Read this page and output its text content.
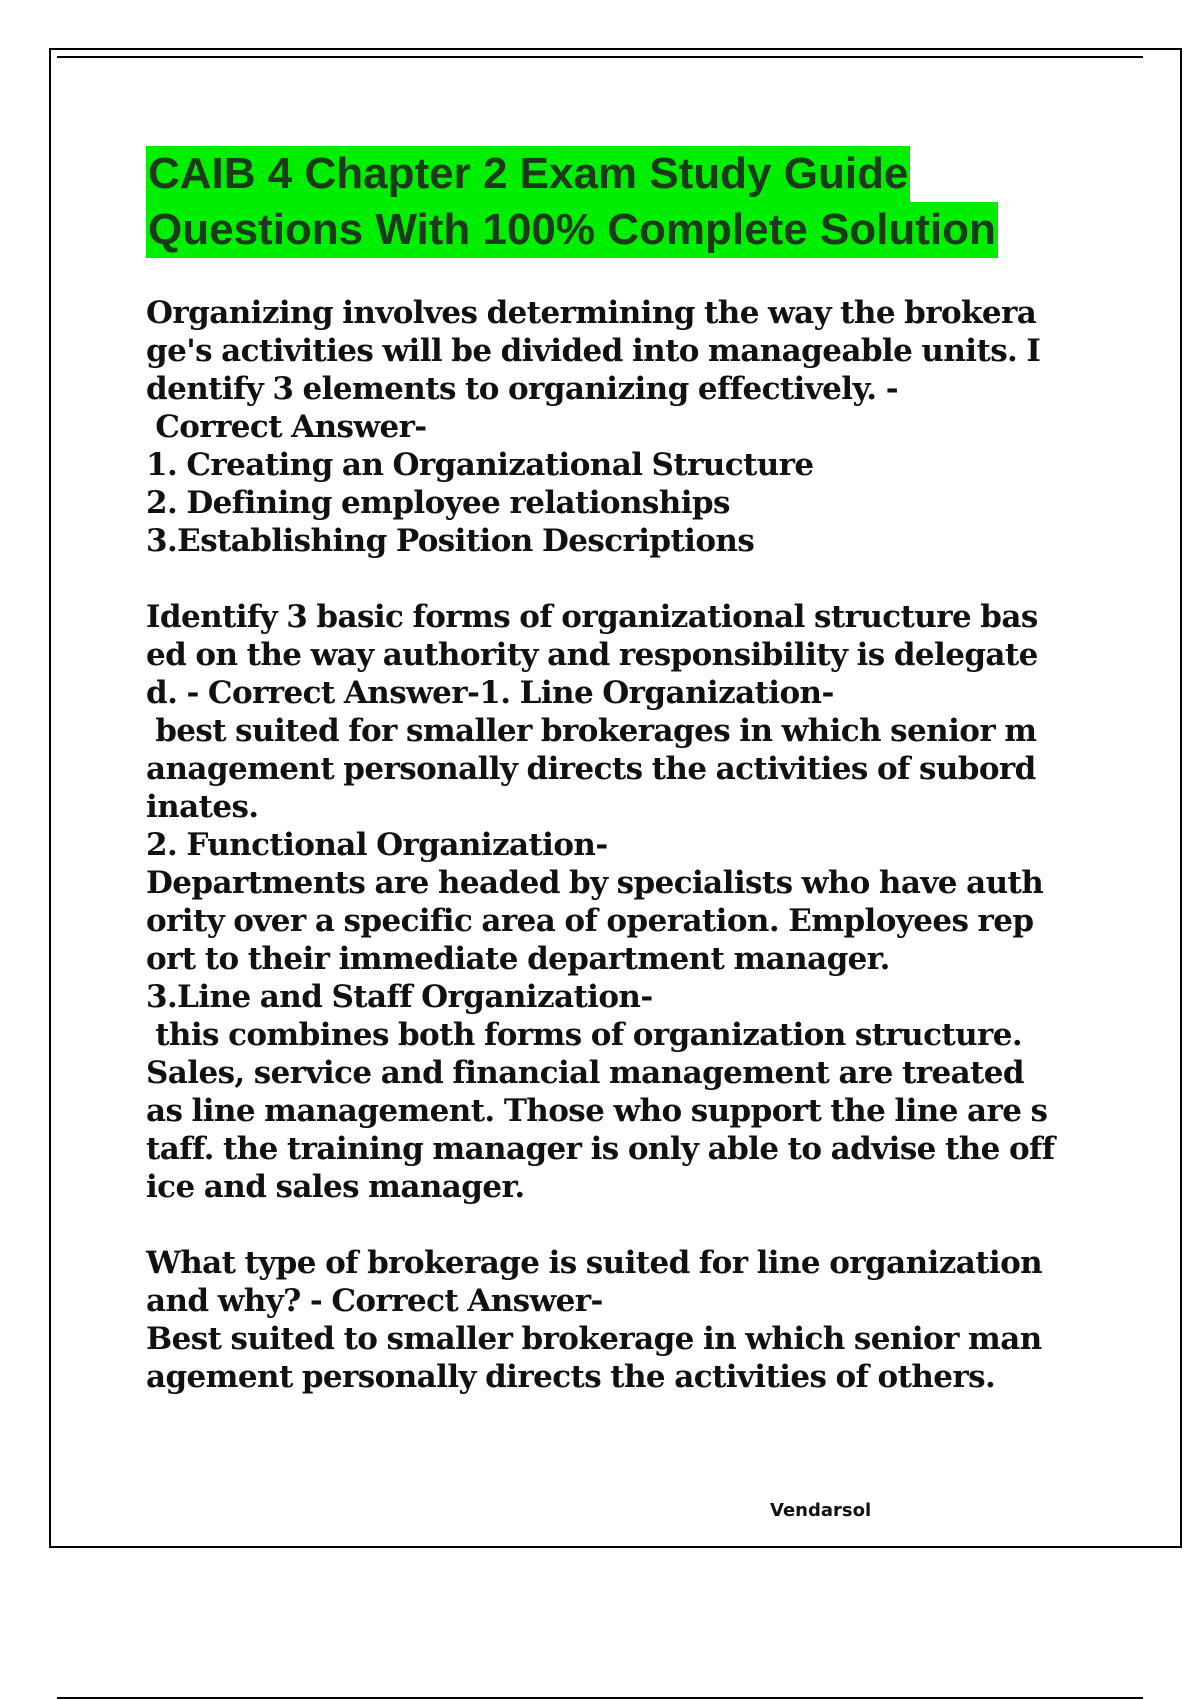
CAIB 4 Chapter 2 Exam Study Guide
Questions With 100% Complete Solution
Organizing involves determining the way the brokera
ge's activities will be divided into manageable units. I
dentify 3 elements to organizing effectively. -
Correct Answer-
1. Creating an Organizational Structure
2. Defining employee relationships
3.Establishing Position Descriptions
Identify 3 basic forms of organizational structure bas
ed on the way authority and responsibility is delegate
d. - Correct Answer-1. Line Organization-
best suited for smaller brokerages in which senior m
anagement personally directs the activities of subord
inates.
2. Functional Organization-
Departments are headed by specialists who have auth
ority over a specific area of operation. Employees rep
ort to their immediate department manager.
3.Line and Staff Organization-
this combines both forms of organization structure.
Sales, service and financial management are treated
as line management. Those who support the line are s
taff. the training manager is only able to advise the off
ice and sales manager.
What type of brokerage is suited for line organization
and why? - Correct Answer-
Best suited to smaller brokerage in which senior man
agement personally directs the activities of others.
Vendarsol
